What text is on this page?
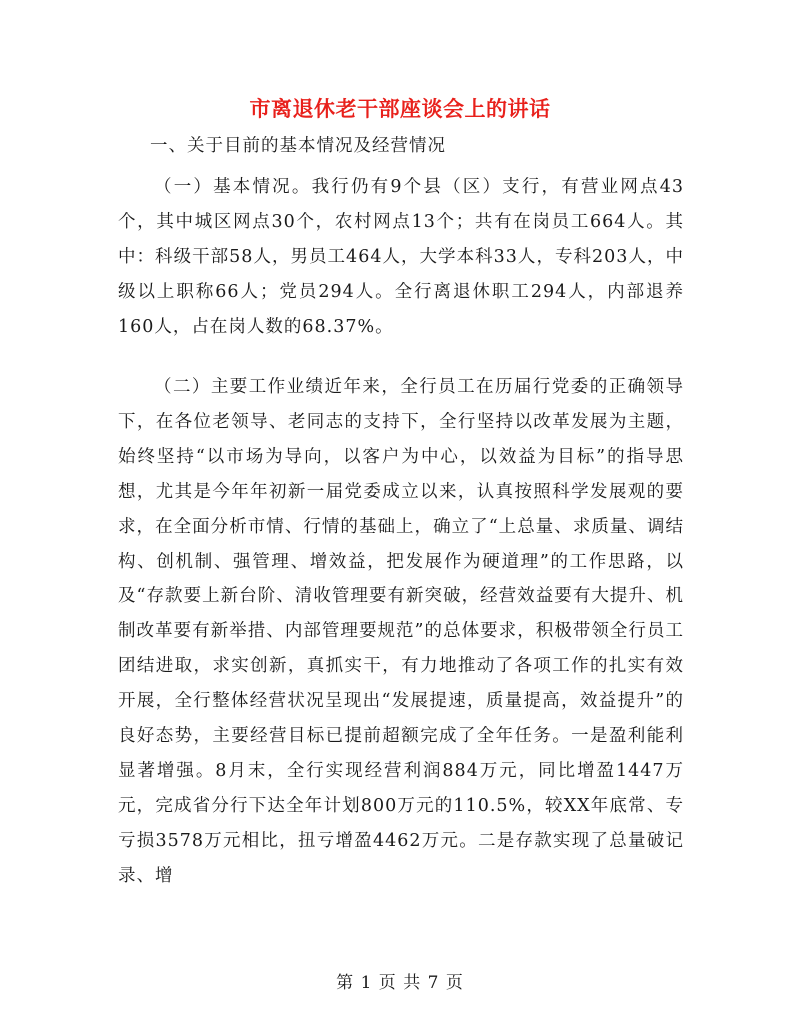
市离退休老干部座谈会上的讲话
一、关于目前的基本情况及经营情况

（一）基本情况。我行仍有9个县（区）支行，有营业网点43个，其中城区网点30个，农村网点13个；共有在岗员工664人。其中：科级干部58人，男员工464人，大学本科33人，专科203人，中级以上职称66人；党员294人。全行离退休职工294人，内部退养160人，占在岗人数的68.37%。

（二）主要工作业绩近年来，全行员工在历届行党委的正确领导下，在各位老领导、老同志的支持下，全行坚持以改革发展为主题，始终坚持“以市场为导向，以客户为中心，以效益为目标”的指导思想，尤其是今年年初新一届党委成立以来，认真按照科学发展观的要求，在全面分析市情、行情的基础上，确立了“上总量、求质量、调结构、创机制、强管理、增效益，把发展作为硬道理”的工作思路，以及“存款要上新台阶、清收管理要有新突破，经营效益要有大提升、机制改革要有新举措、内部管理要规范”的总体要求，积极带领全行员工团结进取，求实创新，真抓实干，有力地推动了各项工作的扎实有效开展，全行整体经营状况呈现出“发展提速，质量提高，效益提升”的良好态势，主要经营目标已提前超额完成了全年任务。一是盈利能利显著增强。8月末，全行实现经营利润884万元，同比增盈1447万元，完成省分行下达全年计划800万元的110.5%，较XX年底常、专亏损3578万元相比，扭亏增盈4462万元。二是存款实现了总量破记录、增

第 1 页 共 7 页
